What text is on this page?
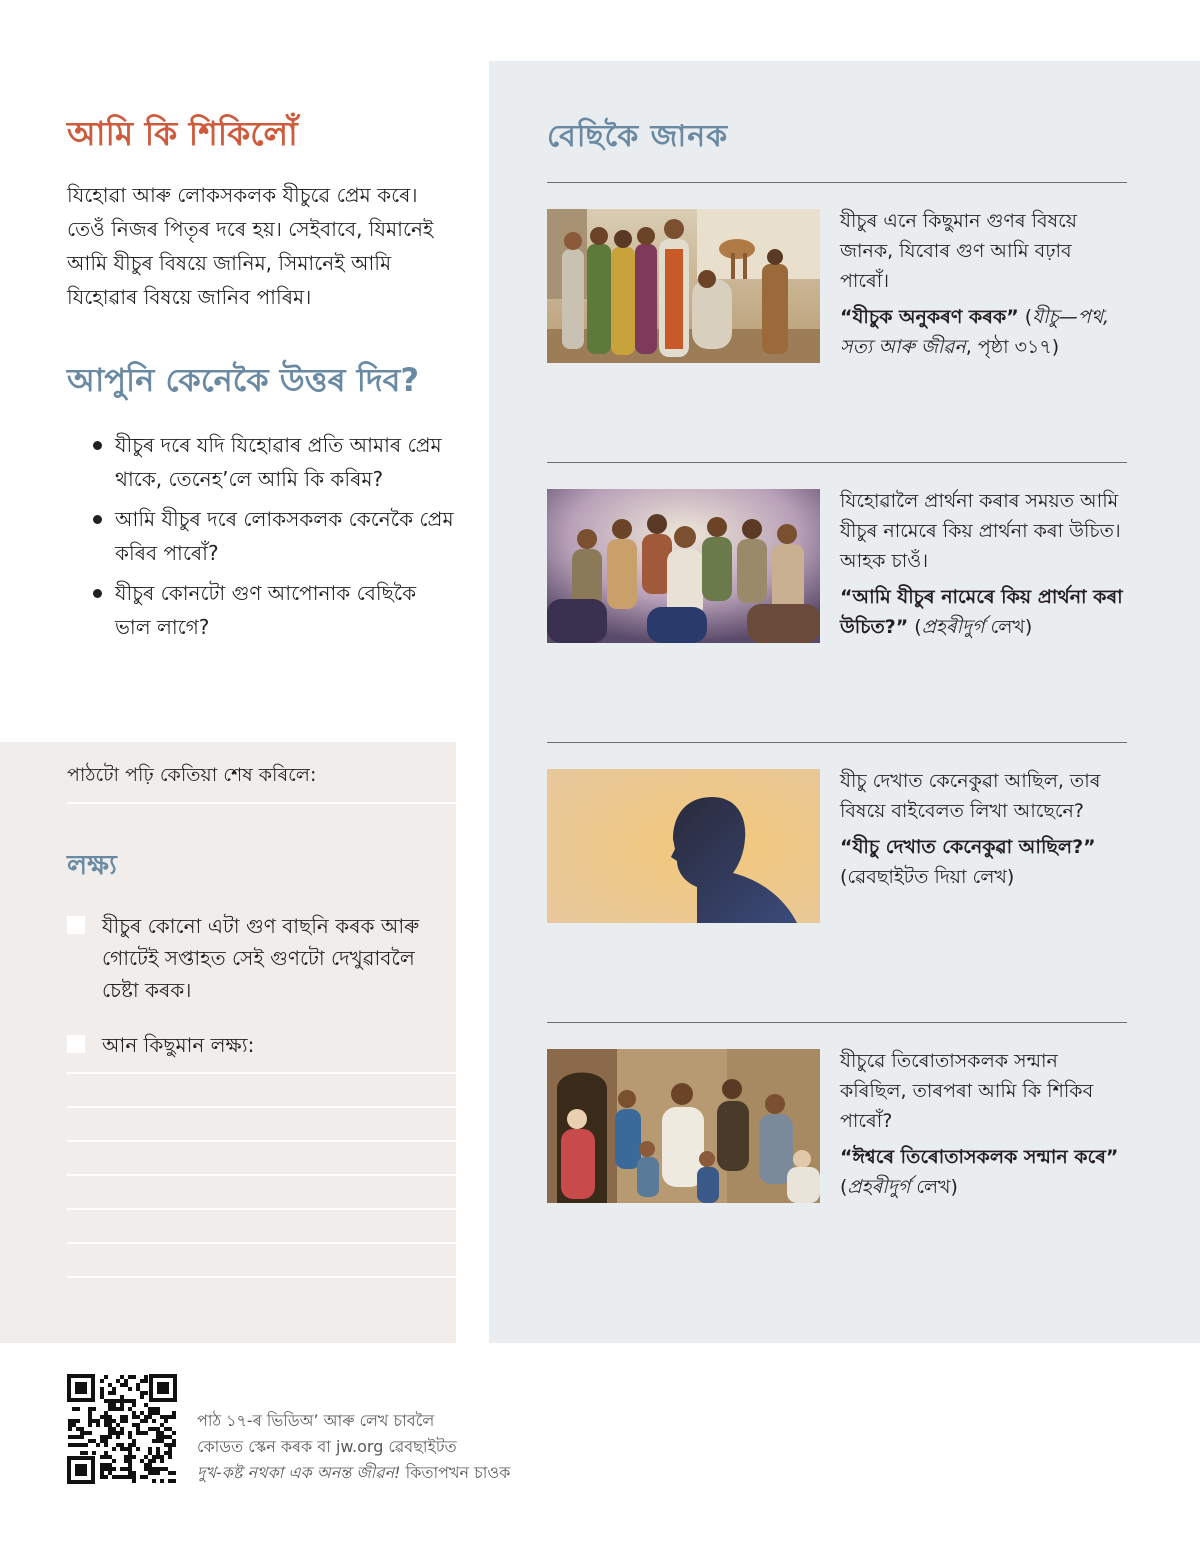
আমি কি শিকিলোঁ

যিহোৱা আৰু লোকসকলক যীচুৱে প্ৰেম কৰে। তেওঁ নিজৰ পিতৃৰ দৰে হয়। সেইবাবে, যিমানেই আমি যীচুৰ বিষয়ে জানিম, সিমানেই আমি যিহোৱাৰ বিষয়ে জানিব পাৰিম।

আপুনি কেনেকৈ উত্তৰ দিব?
যীচুৰ দৰে যদি যিহোৱাৰ প্ৰতি আমাৰ প্ৰেম থাকে, তেনেহ’লে আমি কি কৰিম?
আমি যীচুৰ দৰে লোকসকলক কেনেকৈ প্ৰেম কৰিব পাৰোঁ?
যীচুৰ কোনটো গুণ আপোনাক বেছিকৈ ভাল লাগে?
পাঠটো পঢ়ি কেতিয়া শেষ কৰিলে:
লক্ষ্য
যীচুৰ কোনো এটা গুণ বাছনি কৰক আৰু গোটেই সপ্তাহত সেই গুণটো দেখুৱাবলৈ চেষ্টা কৰক।
আন কিছুমান লক্ষ্য:
বেছিকৈ জানক
যীচুৰ এনে কিছুমান গুণৰ বিষয়ে জানক, যিবোৰ গুণ আমি বঢ়াব পাৰোঁ।
“যীচুক অনুকৰণ কৰক” (যীচু—পথ, সত্য আৰু জীৱন, পৃষ্ঠা ৩১৭)
যিহোৱালৈ প্ৰাৰ্থনা কৰাৰ সময়ত আমি যীচুৰ নামেৰে কিয় প্ৰাৰ্থনা কৰা উচিত। আহক চাওঁ।
“আমি যীচুৰ নামেৰে কিয় প্ৰাৰ্থনা কৰা উচিত?” (প্ৰহৰীদুৰ্গ লেখ)
যীচু দেখাত কেনেকুৱা আছিল, তাৰ বিষয়ে বাইবেলত লিখা আছেনে?
“যীচু দেখাত কেনেকুৱা আছিল?” (ৱেবছাইটত দিয়া লেখ)
যীচুৱে তিৰোতাসকলক সন্মান কৰিছিল, তাৰপৰা আমি কি শিকিব পাৰোঁ?
“ঈশ্বৰে তিৰোতাসকলক সন্মান কৰে” (প্ৰহৰীদুৰ্গ লেখ)
পাঠ ১৭-ৰ ভিডিঅ’ আৰু লেখ চাবলৈ
কোডত স্কেন কৰক বা jw.org ৱেবছাইটত
দুখ-কষ্ট নথকা এক অনন্ত জীৱন! কিতাপখন চাওক
